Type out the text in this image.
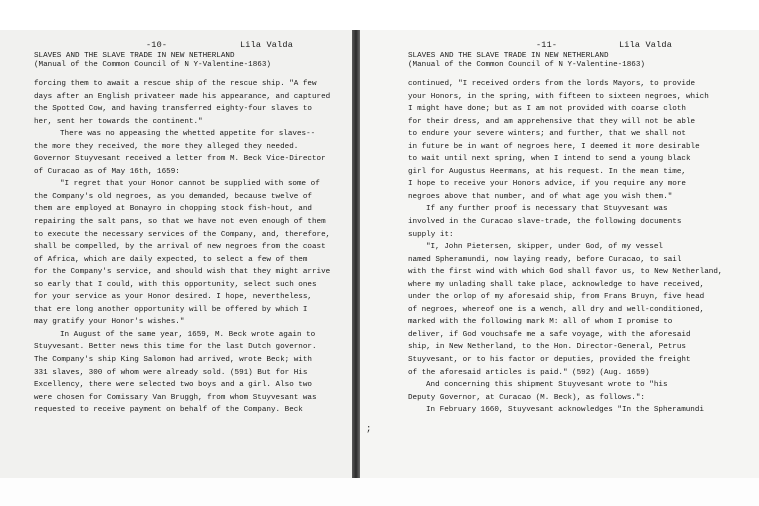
-10-	Lila Valda
SLAVES AND THE SLAVE TRADE IN NEW NETHERLAND
(Manual of the Common Council of N Y-Valentine-1863)
forcing them to await a rescue ship of the rescue ship. "A few
days after an English privateer made his appearance, and captured
the Spotted Cow, and having transferred eighty-four slaves to
her, sent her towards the continent."
There was no appeasing the whetted appetite for slaves--
the more they received, the more they alleged they needed.
Governor Stuyvesant received a letter from M. Beck Vice-Director
of Curacao as of May 16th, 1659:
"I regret that your Honor cannot be supplied with some of
the Company's old negroes, as you demanded, because twelve of
them are employed at Bonayro in chopping stock fish-hout, and
repairing the salt pans, so that we have not even enough of them
to execute the necessary services of the Company, and, therefore,
shall be compelled, by the arrival of new negroes from the coast
of Africa, which are daily expected, to select a few of them
for the Company's service, and should wish that they might arrive
so early that I could, with this opportunity, select such ones
for your service as your Honor desired. I hope, nevertheless,
that ere long another opportunity will be offered by which I
may gratify your Honor's wishes."
In August of the same year, 1659, M. Beck wrote again to
Stuyvesant. Better news this time for the last Dutch governor.
The Company's ship King Salomon had arrived, wrote Beck; with
331 slaves, 300 of whom were already sold. (591) But for His
Excellency, there were selected two boys and a girl. Also two
were chosen for Comissary Van Bruggh, from whom Stuyvesant was
requested to receive payment on behalf of the Company. Beck
-11-	Lila Valda
SLAVES AND THE SLAVE TRADE IN NEW NETHERLAND
(Manual of the Common Council of N Y-Valentine-1863)
continued, "I received orders from the lords Mayors, to provide
your Honors, in the spring, with fifteen to sixteen negroes, which
I might have done; but as I am not provided with coarse cloth
for their dress, and am apprehensive that they will not be able
to endure your severe winters; and further, that we shall not
in future be in want of negroes here, I deemed it more desirable
to wait until next spring, when I intend to send a young black
girl for Augustus Heermans, at his request. In the mean time,
I hope to receive your Honors advice, if you require any more
negroes above that number, and of what age you wish them."
If any further proof is necessary that Stuyvesant was
involved in the Curacao slave-trade, the following documents
supply it:
"I, John Pietersen, skipper, under God, of my vessel
named Spheramundi, now laying ready, before Curacao, to sail
with the first wind with which God shall favor us, to New Netherland,
where my unlading shall take place, acknowledge to have received,
under the orlop of my aforesaid ship, from Frans Bruyn, five head
of negroes, whereof one is a wench, all dry and well-conditioned,
marked with the following mark M: all of whom I promise to
deliver, if God vouchsafe me a safe voyage, with the aforesaid
ship, in New Netherland, to the Hon. Director-General, Petrus
Stuyvesant, or to his factor or deputies, provided the freight
of the aforesaid articles is paid." (592) (Aug. 1659)
And concerning this shipment Stuyvesant wrote to "his
Deputy Governor, at Curacao (M. Beck), as follows.":
In February 1660, Stuyvesant acknowledges "In the Spheramundi
;
